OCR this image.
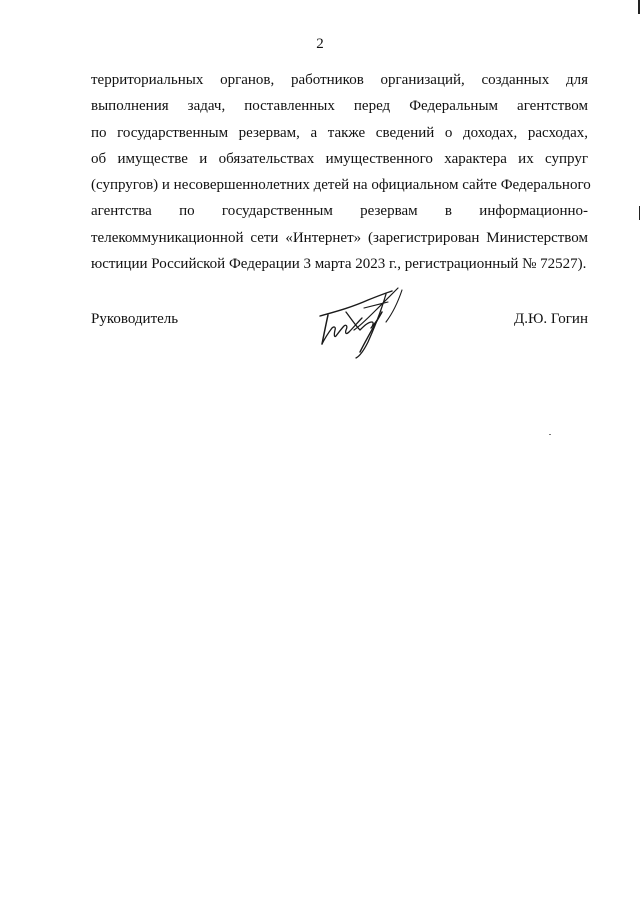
2
территориальных органов, работников организаций, созданных для
выполнения задач, поставленных перед Федеральным агентством
по государственным резервам, а также сведений о доходах, расходах,
об имуществе и обязательствах имущественного характера их супруг
(супругов) и несовершеннолетних детей на официальном сайте Федерального
агентства по государственным резервам в информационно-
телекоммуникационной сети «Интернет» (зарегистрирован Министерством
юстиции Российской Федерации 3 марта 2023 г., регистрационный № 72527).
Руководитель	Д.Ю. Гогин
